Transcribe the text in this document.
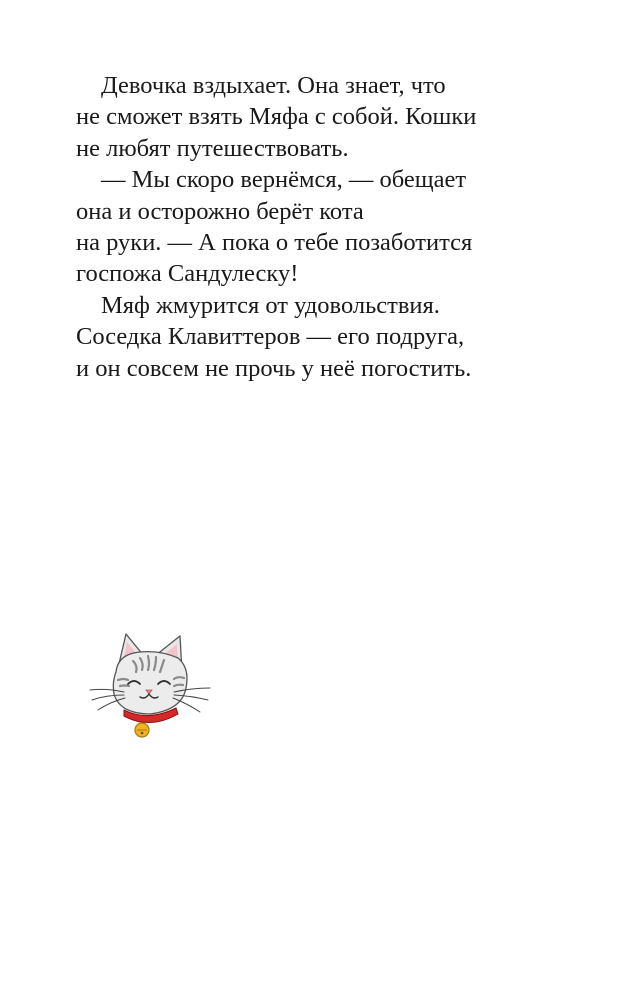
Девочка вздыхает. Она знает, что
не сможет взять Мяфа с собой. Кошки
не любят путешествовать.
— Мы скоро вернёмся, — обещает
она и осторожно берёт кота
на руки. — А пока о тебе позаботится
госпожа Сандулеску!
Мяф жмурится от удовольствия.
Соседка Клавиттеров — его подруга,
и он совсем не прочь у неё погостить.
